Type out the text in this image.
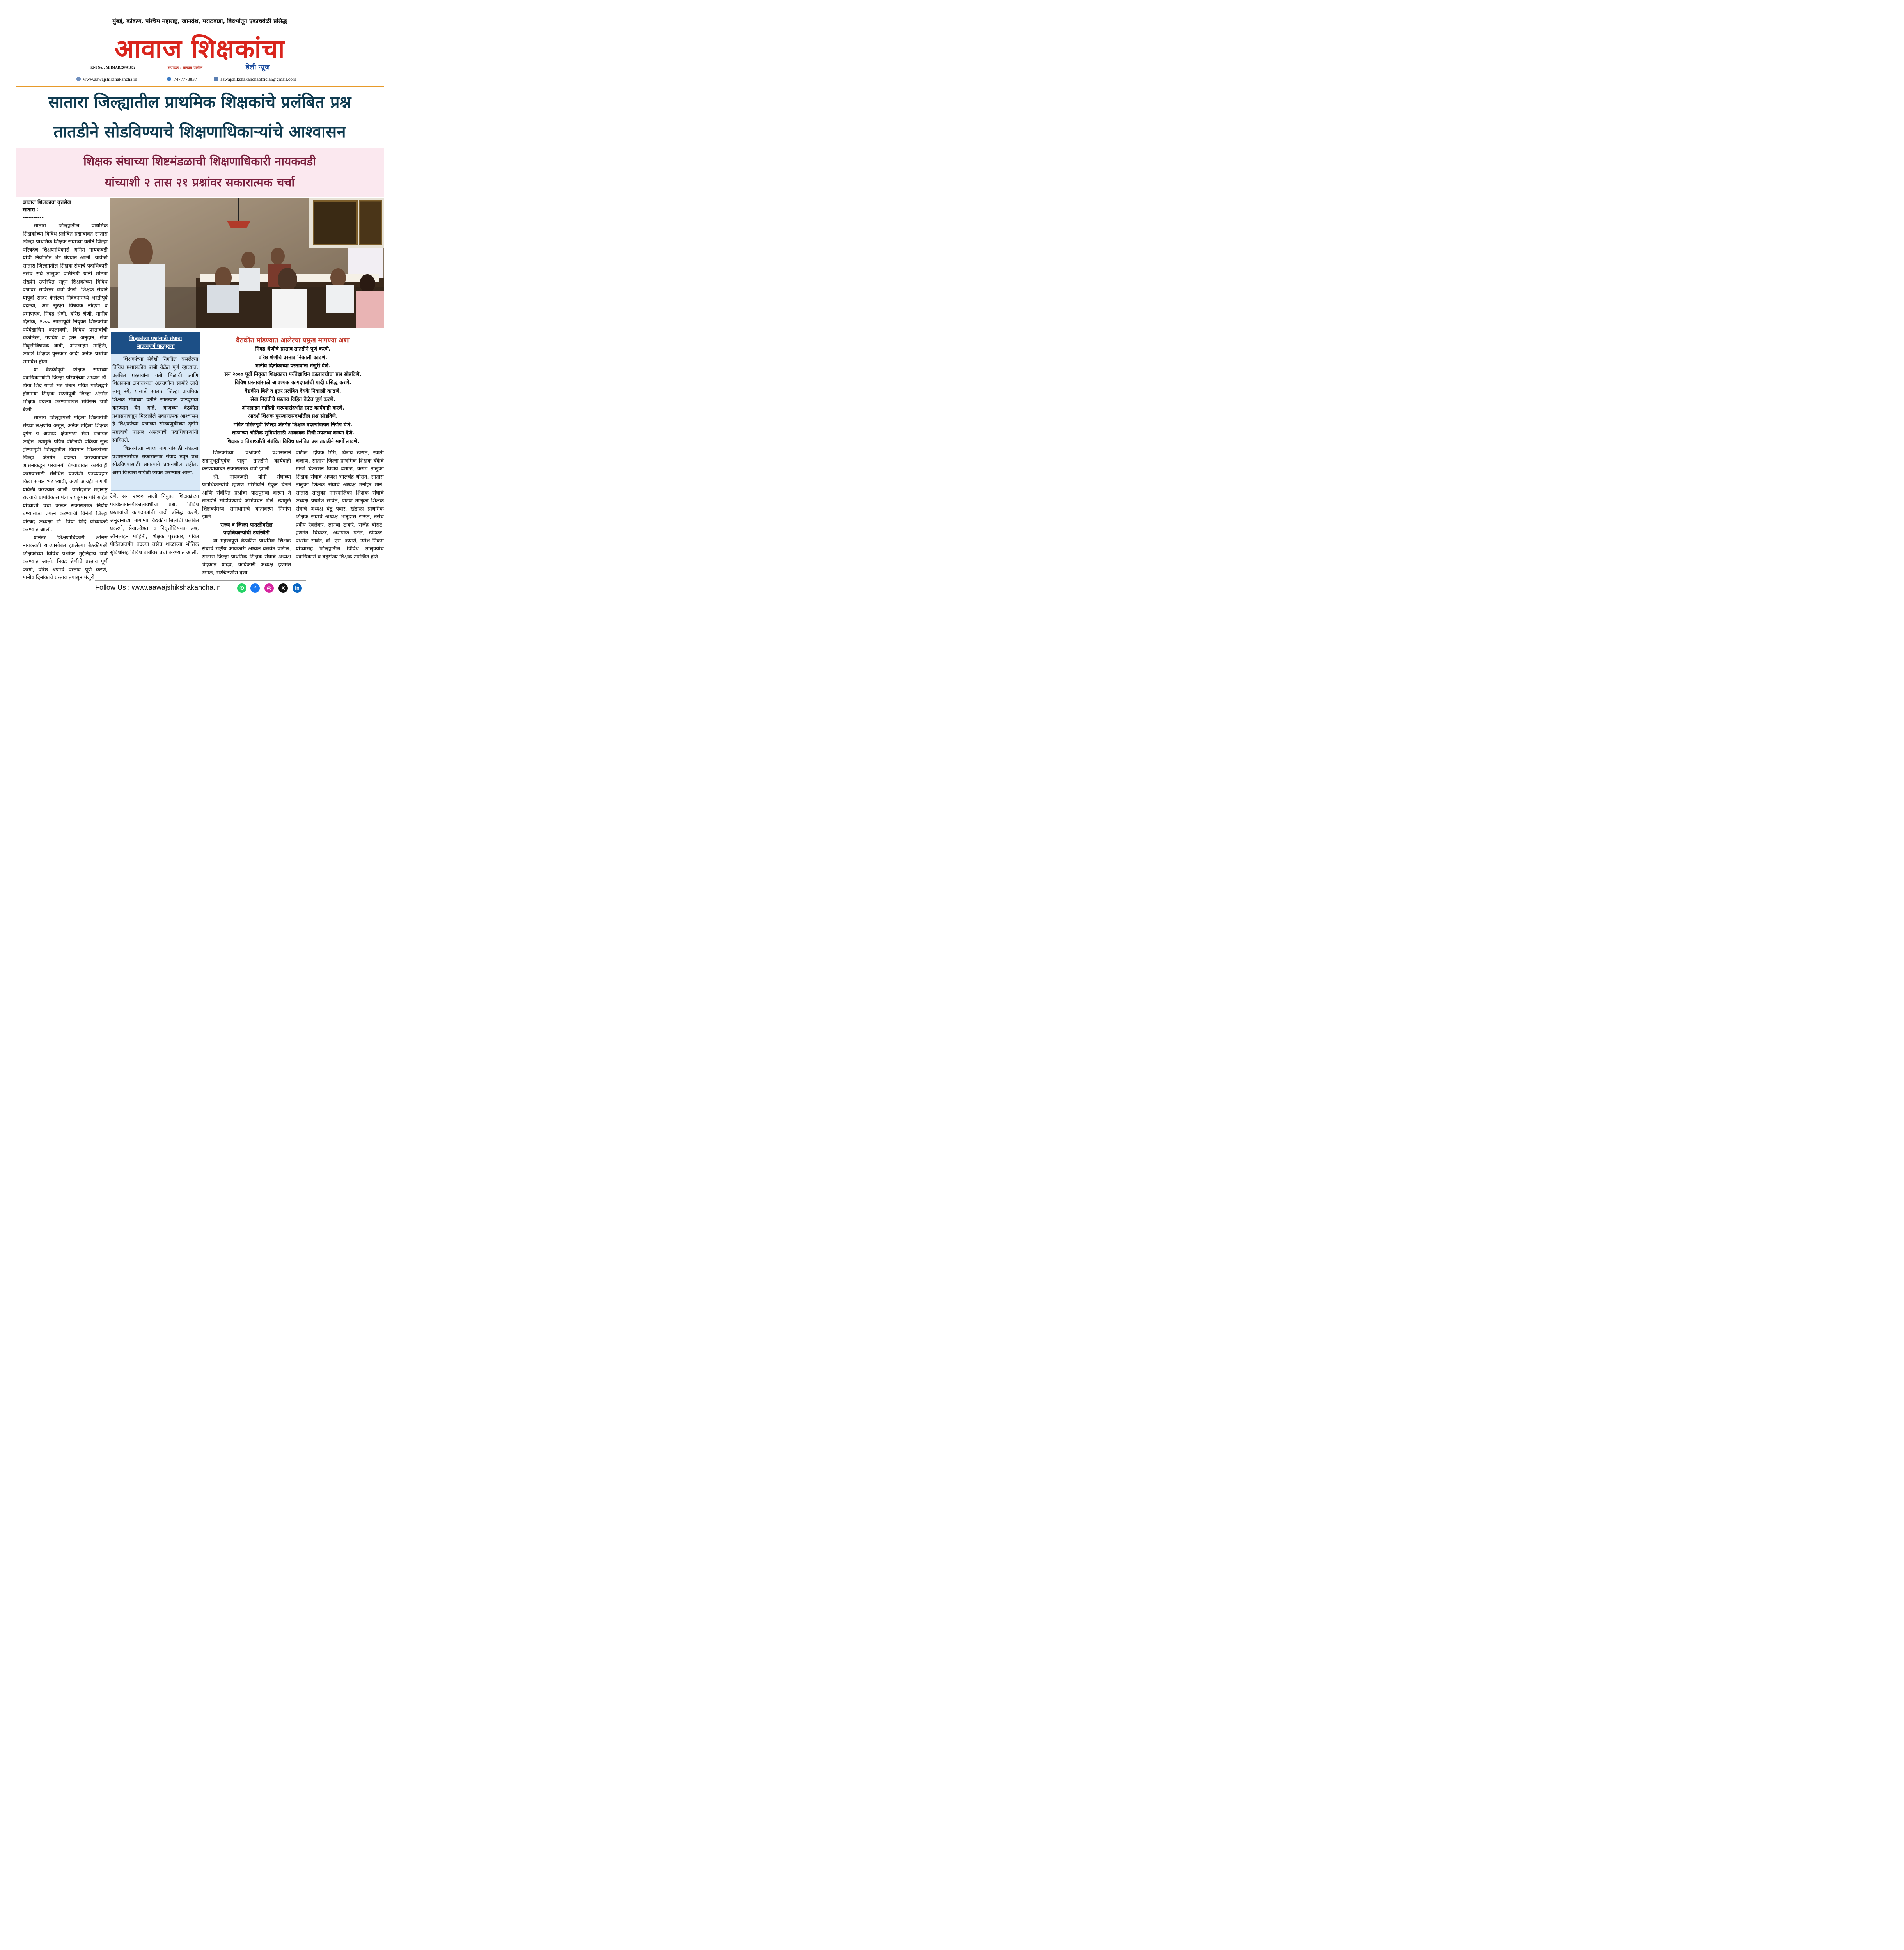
मुंबई, कोकण, पश्चिम महाराष्ट्र, खानदेश, मराठवाडा, विदर्भातून एकाचवेळी प्रसिद्ध
आवाज शिक्षकांचा
RNI No. : MHMAR/26/A1872	संपादक : बलवंत पाटील	डेली न्यूज
www.aawajshikshakancha.in	7477778837	aawajshikshakanchaofficial@gmail.com
सातारा जिल्ह्यातील प्राथमिक शिक्षकांचे प्रलंबित प्रश्न
तातडीने सोडविण्याचे शिक्षणाधिकाऱ्यांचे आश्वासन
शिक्षक संघाच्या शिष्टमंडळाची शिक्षणाधिकारी नायकवडी
यांच्याशी २ तास २१ प्रश्नांवर सकारात्मक चर्चा
आवाज शिक्षकांचा वृत्तसेवा
सातारा :
----------

सातारा जिल्ह्यातील प्राथमिक शिक्षकांच्या विविध प्रलंबित प्रश्नांबाबत सातारा जिल्हा प्राथमिक शिक्षक संघाच्या वतीने जिल्हा परिषदेचे शिक्षणाधिकारी अनिस नायकवडी यांची नियोजित भेट घेण्यात आली. यावेळी सातारा जिल्ह्यातील शिक्षक संघाचे पदाधिकारी तसेच सर्व तालुका प्रतिनिधी यांनी मोठ्या संख्येने उपस्थित राहून शिक्षकांच्या विविध प्रश्नांवर सविस्तर चर्चा केली. शिक्षक संघाने यापूर्वी सादर केलेल्या निवेदनामध्ये भरतीपूर्व बदल्या, अन्न सुरक्षा विषयक नोंदणी व प्रमाणपत्र, निवड श्रेणी, वरिष्ठ श्रेणी, मानीव दिनांक, २००० सालापूर्वी नियुक्त शिक्षकांचा पर्यवेक्षाधिन कालावधी, विविध प्रस्तावांची चेकलिस्ट, गणवेष व इतर अनुदान, सेवा निवृत्तीविषयक बाबी, ऑनलाइन माहिती, आदर्श शिक्षक पुरस्कार आदी अनेक प्रश्नांचा समावेश होता.

या बैठकीपूर्वी शिक्षक संघाच्या पदाधिकाऱ्यांनी जिल्हा परिषदेच्या अध्यक्ष डॉ. प्रिया शिंदे यांची भेट घेऊन पवित्र पोर्टलद्वारे होणाऱ्या शिक्षक भरतीपूर्वी जिल्हा अंतर्गत शिक्षक बदल्या करण्याबाबत सविस्तर चर्चा केली.

सातारा जिल्ह्यामध्ये महिला शिक्षकांची संख्या लक्षणीय असून, अनेक महिला शिक्षक दुर्गम व अवघड क्षेत्रामध्ये सेवा बजावत आहेत. त्यामुळे पवित्र पोर्टलची प्रक्रिया सुरू होण्यापूर्वी जिल्ह्यातील विद्यमान शिक्षकांच्या जिल्हा अंतर्गत बदल्या करण्याबाबत शासनाकडून परवानगी घेण्याबाबत कार्यवाही करण्यासाठी संबंधित यंत्रणेशी पत्रव्यवहार किंवा समक्ष भेट घ्यावी, अशी आग्रही मागणी यावेळी करण्यात आली. यासंदर्भात महाराष्ट्र राज्याचे ग्रामविकास मंत्री जयकुमार गोरे साहेब यांच्याशी चर्चा करून सकारात्मक निर्णय घेण्यासाठी प्रयत्न करण्याची विनंती जिल्हा परिषद अध्यक्षा डॉ. प्रिया शिंदे यांच्याकडे करण्यात आली.

यानंतर शिक्षणाधिकारी अनिस नायकवडी यांच्यासोबत झालेल्या बैठकीमध्ये शिक्षकांच्या विविध प्रश्नांवर मुद्देनिहाय चर्चा करण्यात आली. निवड श्रेणीचे प्रस्ताव पूर्ण करणे, वरिष्ठ श्रेणीचे प्रस्ताव पूर्ण करणे, मानीव दिनांकाचे प्रस्ताव तपासून मंजुरी

देणे, सन २००० साली नियुक्त शिक्षकांच्या पर्यवेक्षकालयीकालावधीचा प्रश्न, विविध प्रस्तावांची कागदपत्रांची यादी प्रसिद्ध करणे, अनुदानाच्या मागण्या, वैद्यकीय बिलांची प्रलंबित प्रकरणे, सेवाज्येष्ठता व निवृत्तीविषयक प्रश्न, ऑनलाइन माहिती, शिक्षक पुरस्कार, पवित्र पोर्टलअंतर्गत बदल्या तसेच शाळांच्या भौतिक सुविधांसह विविध बाबींवर चर्चा करण्यात आली.

शिक्षकांच्या प्रश्नांसाठी संघाचा
सातत्यपूर्ण पाठपुरावा

शिक्षकांच्या सेवेशी निगडित असलेल्या विविध प्रशासकीय बाबी वेळेत पूर्ण व्हाव्यात, प्रलंबित प्रस्तावांना गती मिळावी आणि शिक्षकांना अनावश्यक अडचणींना सामोरे जावे लागू नये, यासाठी सातारा जिल्हा प्राथमिक शिक्षक संघाच्या वतीने सातत्याने पाठपुरावा करण्यात येत आहे. आजच्या बैठकीत प्रशासनाकडून मिळालेले सकारात्मक आश्वासन हे शिक्षकांच्या प्रश्नांच्या सोडवणुकीच्या दृष्टीने महत्त्वाचे पाऊल असल्याचे पदाधिकाऱ्यांनी सांगितले.

शिक्षकांच्या न्याय्य मागण्यांसाठी संघटना प्रशासनासोबत सकारात्मक संवाद ठेवून प्रश्न सोडविण्यासाठी सातत्याने प्रयत्नशील राहील, असा विश्वास यावेळी व्यक्त करण्यात आला.

बैठकीत मांडण्यात आलेल्या प्रमुख मागण्या अशा
निवड श्रेणीचे प्रस्ताव तातडीने पूर्ण करणे.
वरिष्ठ श्रेणीचे प्रस्ताव निकाली काढणे.
मानीव दिनांकाच्या प्रस्तावांना मंजुरी देणे.
सन २००० पूर्वी नियुक्त शिक्षकांचा पर्यवेक्षाधिन कालावधीचा प्रश्न सोडविणे.
विविध प्रस्तावांसाठी आवश्यक कागदपत्रांची यादी प्रसिद्ध करणे.
वैद्यकीय बिले व इतर प्रलंबित देयके निकाली काढणे.
सेवा निवृत्तीचे प्रस्ताव विहित वेळेत पूर्ण करणे.
ऑनलाइन माहिती भरण्यासंदर्भात स्पष्ट कार्यवाही करणे.
आदर्श शिक्षक पुरस्कारासंदर्भातील प्रश्न सोडविणे.
पवित्र पोर्टलपूर्वी जिल्हा अंतर्गत शिक्षक बदल्यांबाबत निर्णय घेणे.
शाळांच्या भौतिक सुविधांसाठी आवश्यक निधी उपलब्ध करून देणे.
शिक्षक व विद्यार्थ्यांशी संबंधित विविध प्रलंबित प्रश्न तातडीने मार्गी लावणे.

शिक्षकांच्या प्रश्नांकडे प्रशासनाने सहानुभूतीपूर्वक पाहून तातडीने कार्यवाही करण्याबाबत सकारात्मक चर्चा झाली.

श्री. नायकवडी यांनी संघाच्या पदाधिकाऱ्यांचे म्हणणे गांभीर्याने ऐकून घेतले आणि संबंधित प्रश्नांचा पाठपुरावा करून ते तातडीने सोडविण्याचे अभिवचन दिले. त्यामुळे शिक्षकांमध्ये समाधानाचे वातावरण निर्माण झाले.

राज्य व जिल्हा पातळीवरील
पदाधिकाऱ्यांची उपस्थिती

या महत्त्वपूर्ण बैठकीस प्राथमिक शिक्षक संघाचे राष्ट्रीय कार्यकारी अध्यक्ष बलवंत पाटील, सातारा जिल्हा प्राथमिक शिक्षक संघाचे अध्यक्ष चंद्रकांत यादव, कार्यकारी अध्यक्ष हणमंत रसाळ, सरचिटणीस दत्ता

पाटील, दीपक गिरी, विजय खरात, स्वाती चव्हाण, सातारा जिल्हा प्राथमिक शिक्षक बँकेचे माजी चेअरमन विजय ढमाळ, कराड तालुका शिक्षक संघाचे अध्यक्ष भालचंद्र थोरात, सातारा तालुका शिक्षक संघाचे अध्यक्ष मनोहर माने, सातारा तालुका नगरपालिका शिक्षक संघाचे अध्यक्ष प्रथमेश सावंत, पाटण तालुका शिक्षक संघाचे अध्यक्ष बंडू पवार, खंडाळा प्राथमिक शिक्षक संघाचे अध्यक्ष भानुदास राऊत, तसेच प्रदीप रेवलेकर, ज्ञानबा ठाकरे, राजेंद्र बोराटे, हणमंत चिंचकर, अशपाक पटेल, खेडकर, प्रथमेश सावंत, बी. एस. कणसे, उमेश निकम यांच्यासह जिल्ह्यातील विविध तालुक्यांचे पदाधिकारी व बहुसंख्य शिक्षक उपस्थित होते.

Follow Us : www.aawajshikshakancha.in	✆	f	◎	X	in
